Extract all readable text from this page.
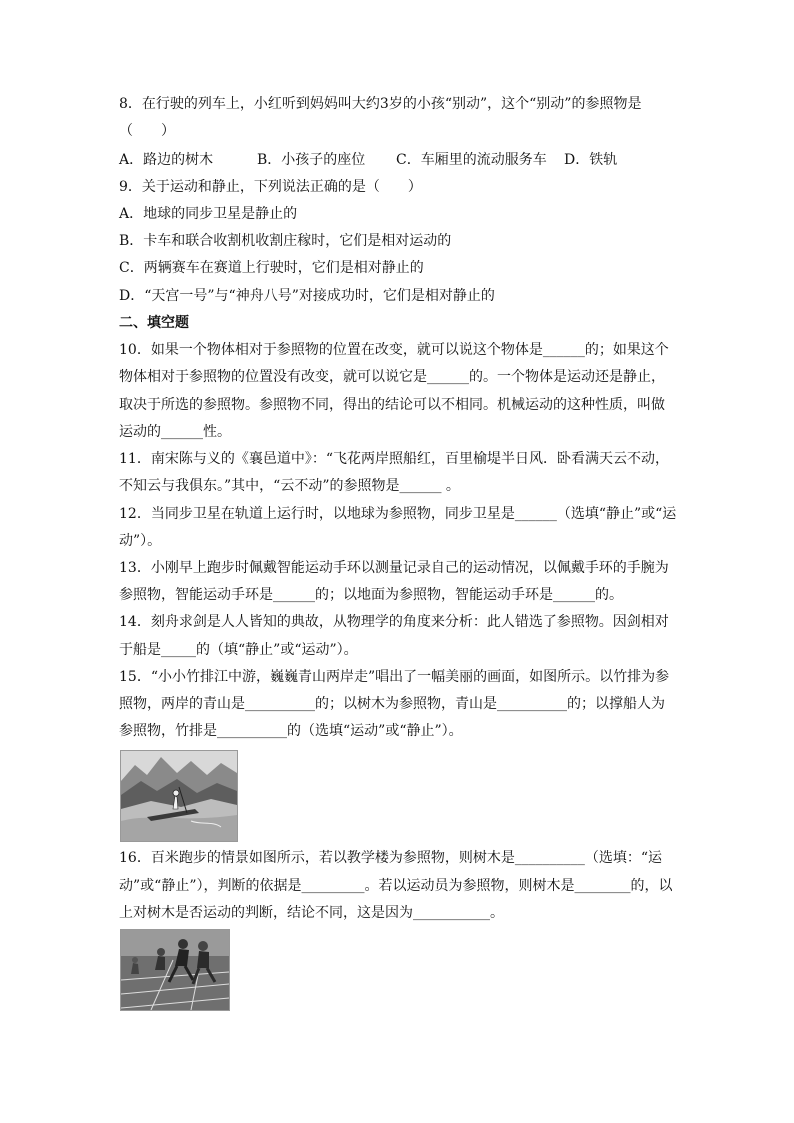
8．在行驶的列车上，小红听到妈妈叫大约3岁的小孩“别动”，这个“别动”的参照物是
（　　）
A．路边的树木	B．小孩子的座位 C．车厢里的流动服务车 D．铁轨
9．关于运动和静止，下列说法正确的是（　　）
A．地球的同步卫星是静止的
B．卡车和联合收割机收割庄稼时，它们是相对运动的
C．两辆赛车在赛道上行驶时，它们是相对静止的
D．“天宫一号”与“神舟八号”对接成功时，它们是相对静止的
二、填空题
10．如果一个物体相对于参照物的位置在改变，就可以说这个物体是______的；如果这个
物体相对于参照物的位置没有改变，就可以说它是______的。一个物体是运动还是静止，
取决于所选的参照物。参照物不同，得出的结论可以不相同。机械运动的这种性质，叫做
运动的______性。
11．南宋陈与义的《襄邑道中》：“飞花两岸照船红，百里榆堤半日风．卧看满天云不动，
不知云与我俱东。”其中，“云不动”的参照物是______ 。
12．当同步卫星在轨道上运行时，以地球为参照物，同步卫星是______（选填“静止”或“运
动”）。
13．小刚早上跑步时佩戴智能运动手环以测量记录自己的运动情况，以佩戴手环的手腕为
参照物，智能运动手环是______的；以地面为参照物，智能运动手环是______的。
14．刻舟求剑是人人皆知的典故，从物理学的角度来分析：此人错选了参照物。因剑相对
于船是_____的（填“静止”或“运动”）。
15．“小小竹排江中游，巍巍青山两岸走”唱出了一幅美丽的画面，如图所示。以竹排为参
照物，两岸的青山是__________的；以树木为参照物，青山是__________的；以撑船人为
参照物，竹排是__________的（选填“运动”或“静止”）。
16．百米跑步的情景如图所示，若以教学楼为参照物，则树木是__________（选填：“运
动”或“静止”），判断的依据是_________。若以运动员为参照物，则树木是________的，以
上对树木是否运动的判断，结论不同，这是因为___________。
